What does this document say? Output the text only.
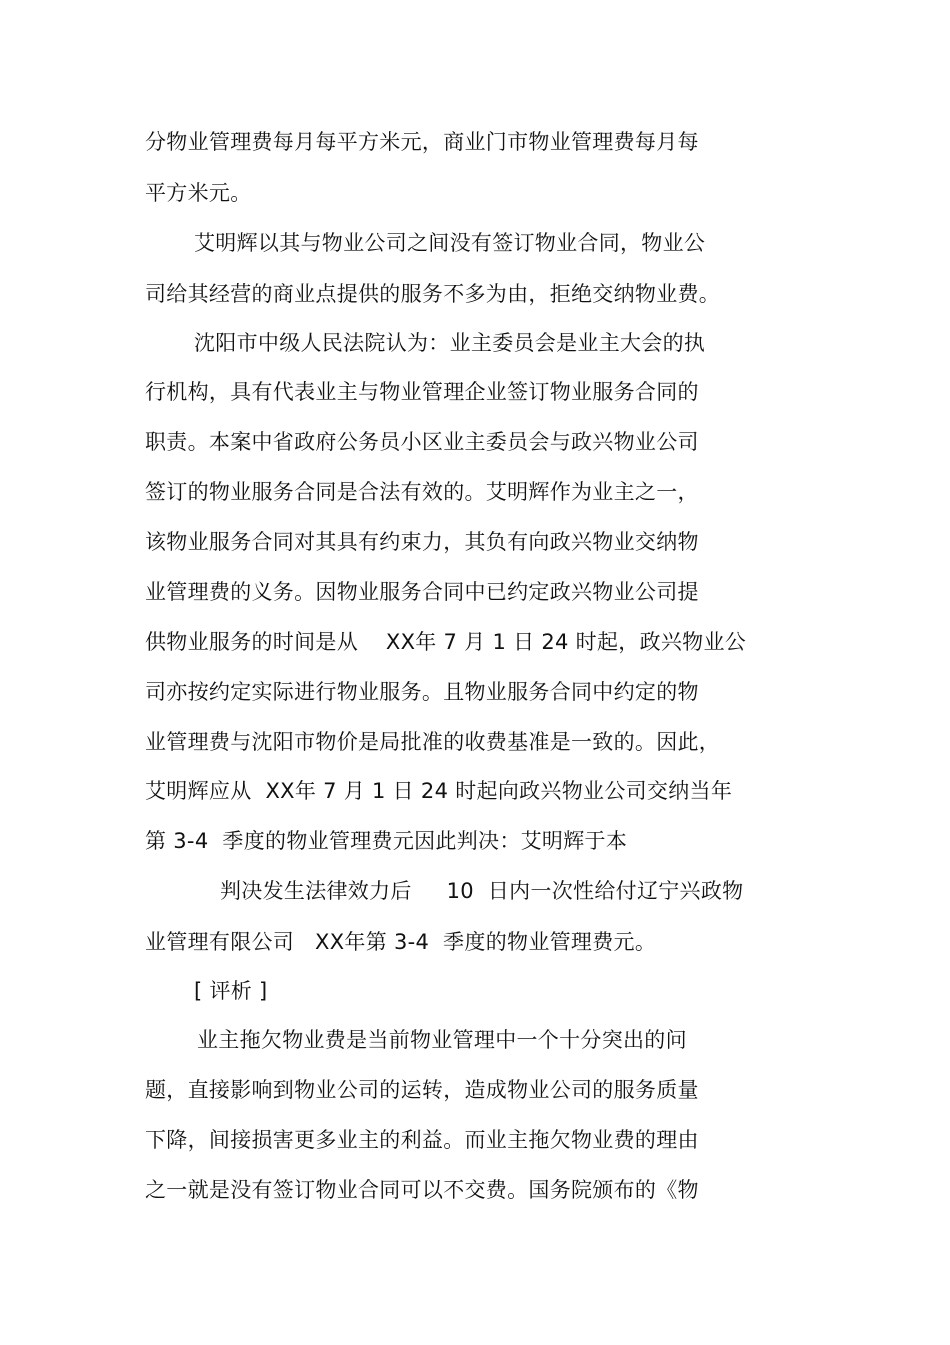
分物业管理费每月每平方米元，商业门市物业管理费每月每
平方米元。
艾明辉以其与物业公司之间没有签订物业合同，物业公
司给其经营的商业点提供的服务不多为由，拒绝交纳物业费。
沈阳市中级人民法院认为：业主委员会是业主大会的执
行机构，具有代表业主与物业管理企业签订物业服务合同的
职责。本案中省政府公务员小区业主委员会与政兴物业公司
签订的物业服务合同是合法有效的。艾明辉作为业主之一，
该物业服务合同对其具有约束力，其负有向政兴物业交纳物
业管理费的义务。因物业服务合同中已约定政兴物业公司提
供物业服务的时间是从    XX年 7 月 1 日 24 时起，政兴物业公
司亦按约定实际进行物业服务。且物业服务合同中约定的物
业管理费与沈阳市物价是局批准的收费基准是一致的。因此，
艾明辉应从  XX年 7 月 1 日 24 时起向政兴物业公司交纳当年
第 3-4  季度的物业管理费元因此判决：艾明辉于本
判决发生法律效力后     10  日内一次性给付辽宁兴政物
业管理有限公司   XX年第 3-4  季度的物业管理费元。
[ 评析 ]
业主拖欠物业费是当前物业管理中一个十分突出的问
题，直接影响到物业公司的运转，造成物业公司的服务质量
下降，间接损害更多业主的利益。而业主拖欠物业费的理由
之一就是没有签订物业合同可以不交费。国务院颁布的《物
